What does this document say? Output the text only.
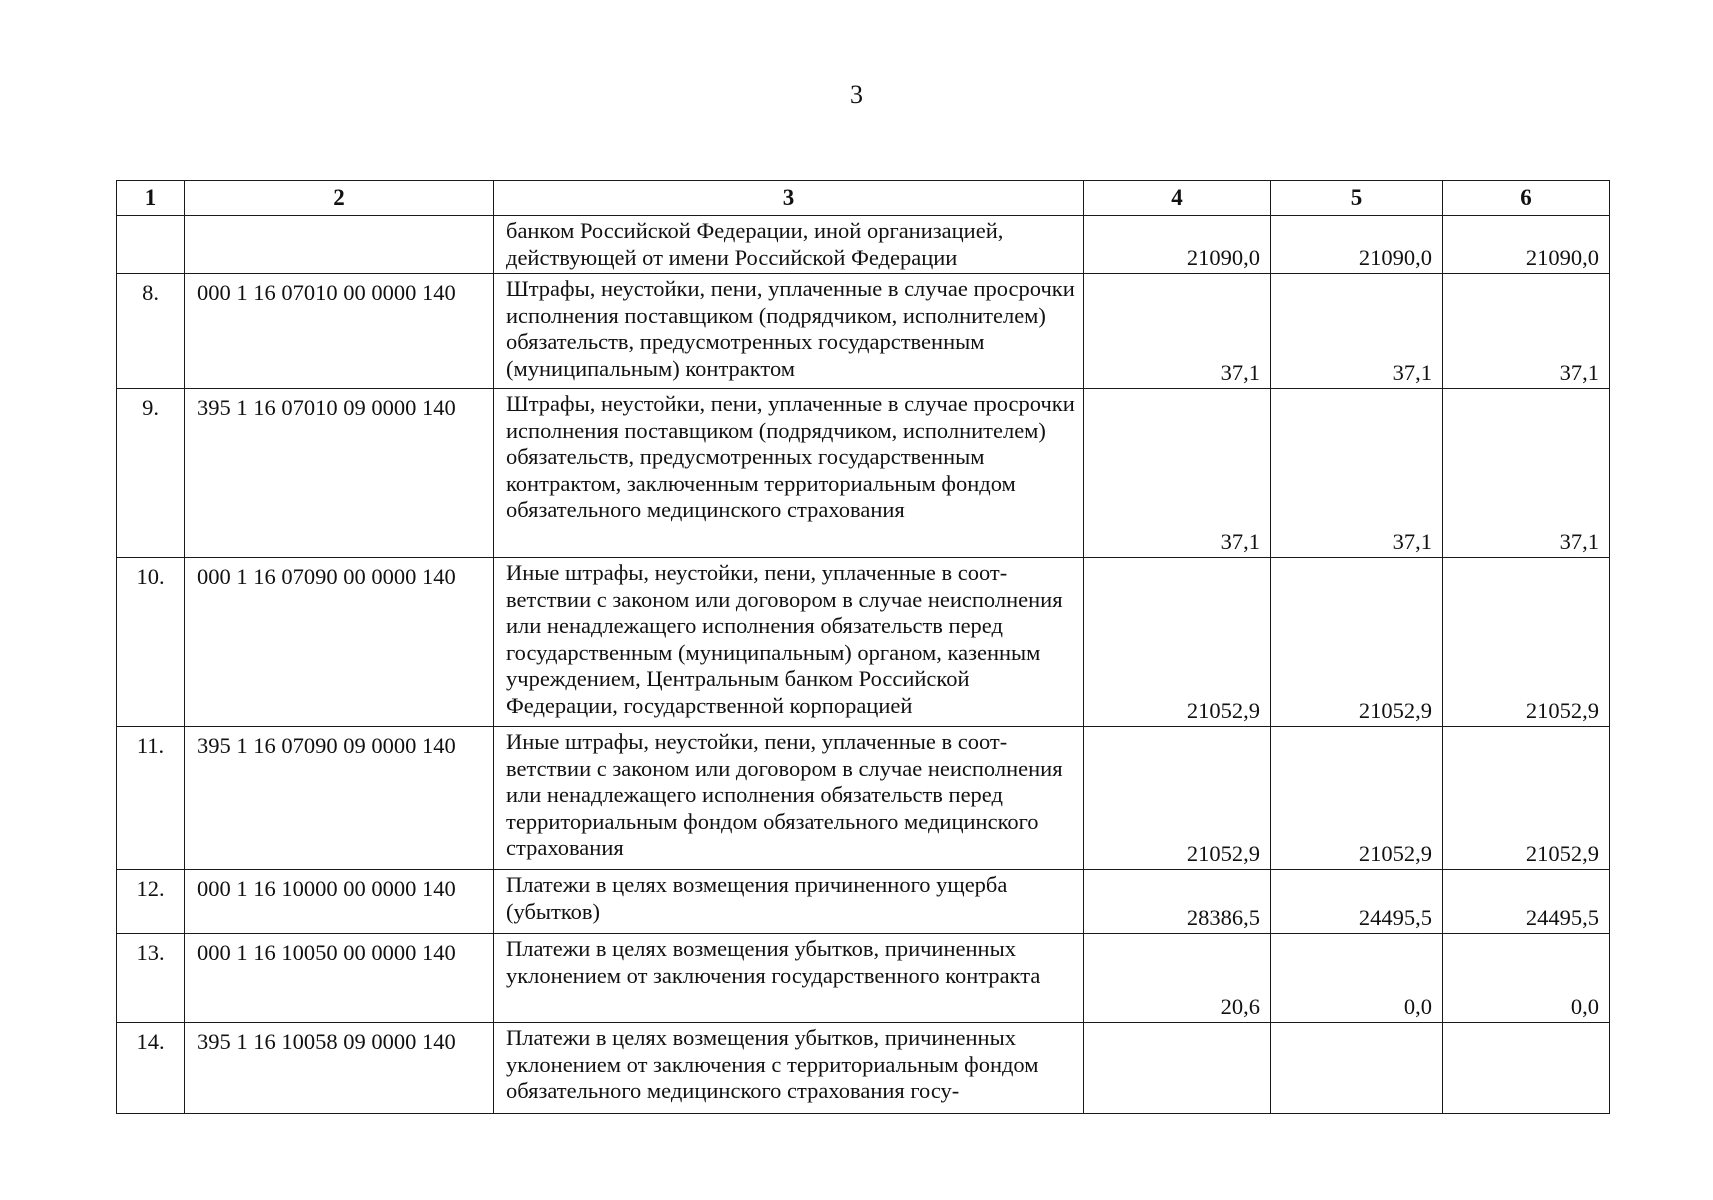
3
1	2	3	4	5	6
		банком Российской Федерации, иной организацией, действующей от имени Российской Федерации	21090,0	21090,0	21090,0
8.	000 1 16 07010 00 0000 140	Штрафы, неустойки, пени, уплаченные в случае просрочки исполнения поставщиком (подрядчиком, исполнителем) обязательств, предусмотренных государственным (муниципальным) контрактом	37,1	37,1	37,1
9.	395 1 16 07010 09 0000 140	Штрафы, неустойки, пени, уплаченные в случае просрочки исполнения поставщиком (подрядчиком, исполнителем) обязательств, предусмотренных государственным контрактом, заключенным территориальным фондом обязательного медицинского страхования	37,1	37,1	37,1
10.	000 1 16 07090 00 0000 140	Иные штрафы, неустойки, пени, уплаченные в соответствии с законом или договором в случае неисполнения или ненадлежащего исполнения обязательств перед государственным (муниципальным) органом, казенным учреждением, Центральным банком Российской Федерации, государственной корпорацией	21052,9	21052,9	21052,9
11.	395 1 16 07090 09 0000 140	Иные штрафы, неустойки, пени, уплаченные в соответствии с законом или договором в случае неисполнения или ненадлежащего исполнения обязательств перед территориальным фондом обязательного медицинского страхования	21052,9	21052,9	21052,9
12.	000 1 16 10000 00 0000 140	Платежи в целях возмещения причиненного ущерба (убытков)	28386,5	24495,5	24495,5
13.	000 1 16 10050 00 0000 140	Платежи в целях возмещения убытков, причиненных уклонением от заключения государственного контракта	20,6	0,0	0,0
14.	395 1 16 10058 09 0000 140	Платежи в целях возмещения убытков, причиненных уклонением от заключения с территориальным фондом обязательного медицинского страхования госу-			
